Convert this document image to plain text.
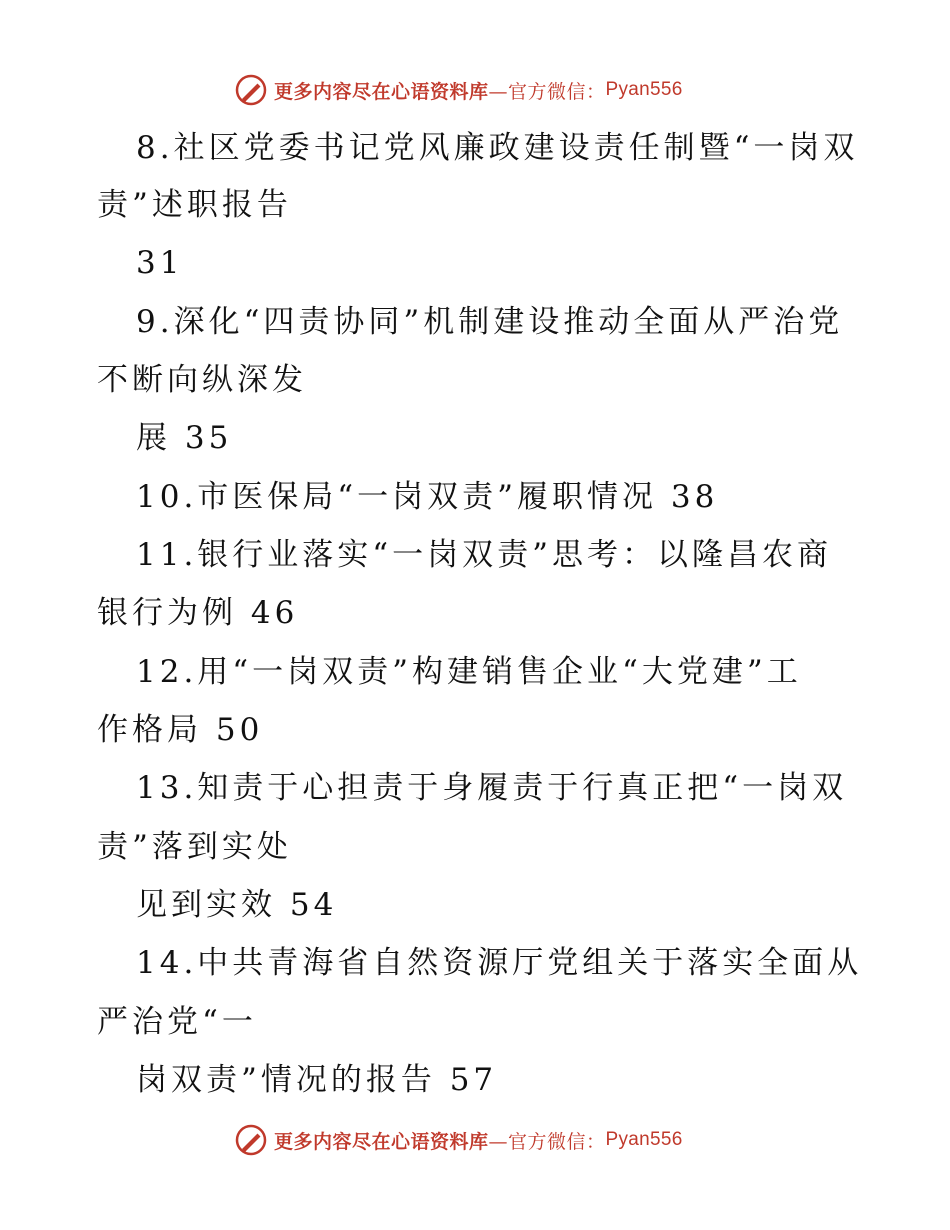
更多内容尽在心语资料库 —官方微信： Pyan556
8.社区党委书记党风廉政建设责任制暨“一岗双
责”述职报告
31
9.深化“四责协同”机制建设推动全面从严治党
不断向纵深发
展 35
10.市医保局“一岗双责”履职情况 38
11.银行业落实“一岗双责”思考：以隆昌农商
银行为例 46
12.用“一岗双责”构建销售企业“大党建”工
作格局 50
13.知责于心担责于身履责于行真正把“一岗双
责”落到实处
见到实效 54
14.中共青海省自然资源厅党组关于落实全面从
严治党“一
岗双责”情况的报告 57
更多内容尽在心语资料库 —官方微信： Pyan556
